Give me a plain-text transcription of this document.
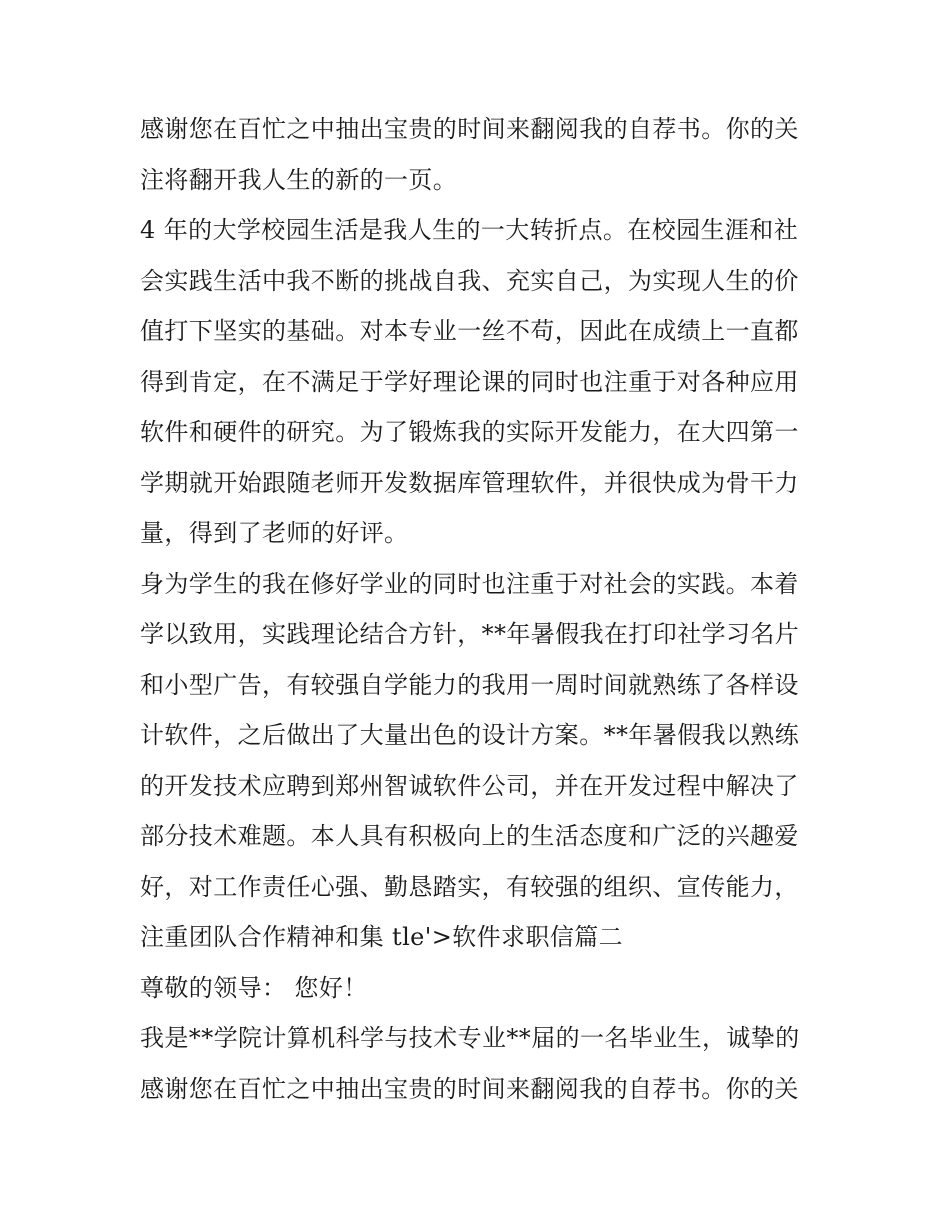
感谢您在百忙之中抽出宝贵的时间来翻阅我的自荐书。你的关
注将翻开我人生的新的一页。
4 年的大学校园生活是我人生的一大转折点。在校园生涯和社
会实践生活中我不断的挑战自我、充实自己，为实现人生的价
值打下坚实的基础。对本专业一丝不苟，因此在成绩上一直都
得到肯定，在不满足于学好理论课的同时也注重于对各种应用
软件和硬件的研究。为了锻炼我的实际开发能力，在大四第一
学期就开始跟随老师开发数据库管理软件，并很快成为骨干力
量，得到了老师的好评。
身为学生的我在修好学业的同时也注重于对社会的实践。本着
学以致用，实践理论结合方针，**年暑假我在打印社学习名片
和小型广告，有较强自学能力的我用一周时间就熟练了各样设
计软件，之后做出了大量出色的设计方案。**年暑假我以熟练
的开发技术应聘到郑州智诚软件公司，并在开发过程中解决了
部分技术难题。本人具有积极向上的生活态度和广泛的兴趣爱
好，对工作责任心强、勤恳踏实，有较强的组织、宣传能力，
注重团队合作精神和集 tle'>软件求职信篇二
尊敬的领导： 您好！
我是**学院计算机科学与技术专业**届的一名毕业生，诚挚的
感谢您在百忙之中抽出宝贵的时间来翻阅我的自荐书。你的关
